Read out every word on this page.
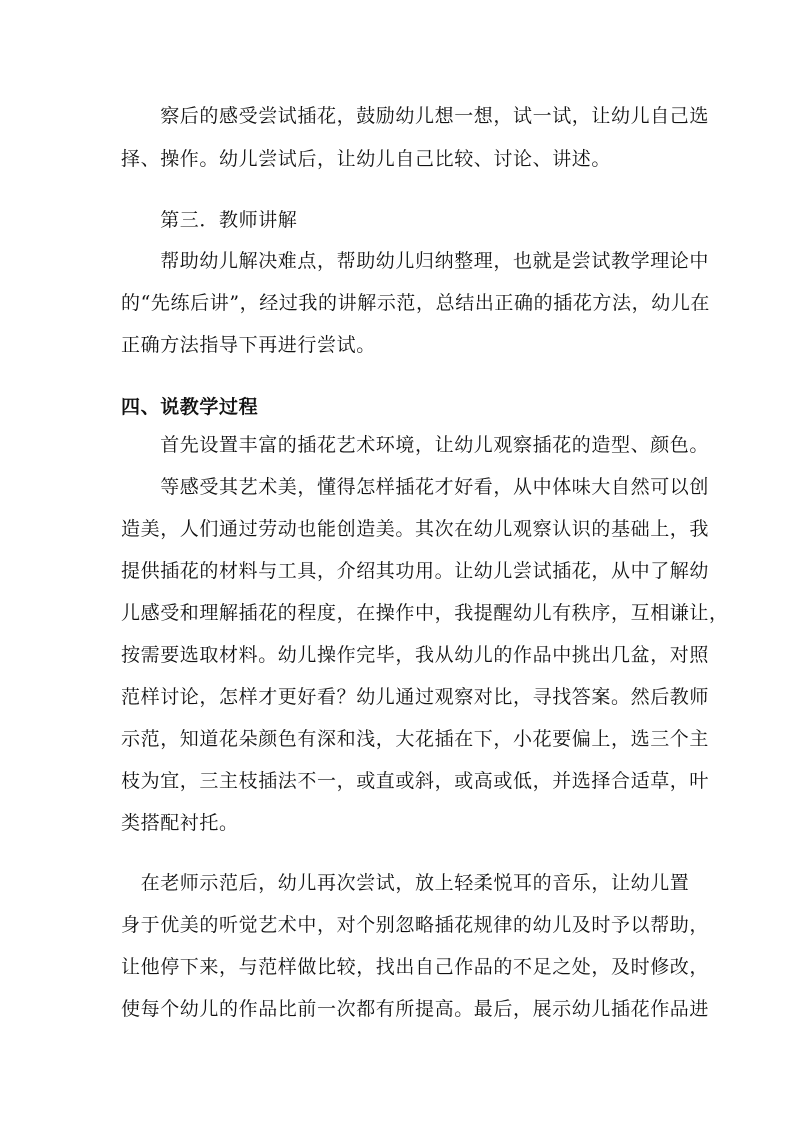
　　察后的感受尝试插花，鼓励幼儿想一想，试一试，让幼儿自己选
择、操作。幼儿尝试后，让幼儿自己比较、讨论、讲述。
　　第三．教师讲解
　　帮助幼儿解决难点，帮助幼儿归纳整理，也就是尝试教学理论中
的“先练后讲”，经过我的讲解示范，总结出正确的插花方法，幼儿在
正确方法指导下再进行尝试。
四、说教学过程
　　首先设置丰富的插花艺术环境，让幼儿观察插花的造型、颜色。
　　等感受其艺术美，懂得怎样插花才好看，从中体味大自然可以创
造美，人们通过劳动也能创造美。其次在幼儿观察认识的基础上，我
提供插花的材料与工具，介绍其功用。让幼儿尝试插花，从中了解幼
儿感受和理解插花的程度，在操作中，我提醒幼儿有秩序，互相谦让，
按需要选取材料。幼儿操作完毕，我从幼儿的作品中挑出几盆，对照
范样讨论，怎样才更好看？幼儿通过观察对比，寻找答案。然后教师
示范，知道花朵颜色有深和浅，大花插在下，小花要偏上，选三个主
枝为宜，三主枝插法不一，或直或斜，或高或低，并选择合适草，叶
类搭配衬托。
　在老师示范后，幼儿再次尝试，放上轻柔悦耳的音乐，让幼儿置
身于优美的听觉艺术中，对个别忽略插花规律的幼儿及时予以帮助，
让他停下来，与范样做比较，找出自己作品的不足之处，及时修改，
使每个幼儿的作品比前一次都有所提高。最后，展示幼儿插花作品进
